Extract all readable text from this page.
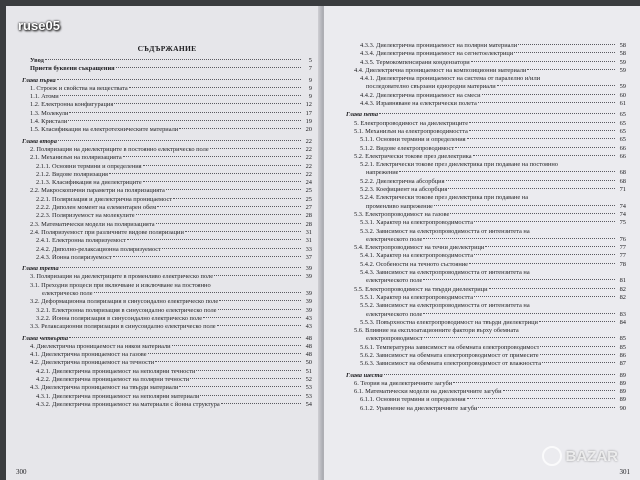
СЪДЪРЖАНИЕ
Увод	5
Приети буквени съкращения	7
Глава първа	9
1. Строеж и свойства на веществата	9
1.1. Атоми	9
1.2. Електронна конфигурация	12
1.3. Молекули	17
1.4. Кристали	19
1.5. Класификация на електротехническите материали	20
Глава втора	22
2. Поляризация на диелектриците в постоянно електрическо поле	22
2.1. Механизъм на поляризацията	22
2.1.1. Основни термини и определения	22
2.1.2. Видове поляризация	22
2.1.3. Класификация на диелектриците	24
2.2. Макроскопични параметри на поляризацията	25
2.2.1. Поляризация и диелектрична проницаемост	25
2.2.2. Диполен момент на елементарен обем	27
2.2.3. Поляризуемост на молекулите	28
2.3. Математически модели на поляризацията	28
2.4. Поляризуемост при различните видове поляризации	31
2.4.1. Електронна поляризуемост	31
2.4.2. Диполно-релаксационна поляризуемост	33
2.4.3. Йонна поляризуемост	37
Глава трета	39
3. Поляризация на диелектриците в променливо електрическо поле	39
3.1. Преходни процеси при включване и изключване на постоянно
електрическо поле	39
3.2. Деформационна поляризация в синусоидално електрическо поле	39
3.2.1. Електронна поляризация в синусоидално електрическо поле	39
3.2.2. Йонна поляризация в синусоидално електрическо поле	43
3.3. Релаксационни поляризации в синусоидално електрическо поле	43
Глава четвърта	48
4. Диелектрична проницаемост на някои материали	48
4.1. Диелектрична проницаемост на газове	48
4.2. Диелектрична проницаемост на течности	50
4.2.1. Диелектрична проницаемост на неполярни течности	51
4.2.2. Диелектрична проницаемост на полярни течности	52
4.3. Диелектрична проницаемост на твърди материали	53
4.3.1. Диелектрична проницаемост на неполярни материали	53
4.3.2. Диелектрична проницаемост на материали с йонна структура	54
300
4.3.3. Диелектрична проницаемост на полярни материали	58
4.3.4. Диелектрична проницаемост на сегнетоелектрици	58
4.3.5. Термокомпенсирани кондензатори	59
4.4. Диелектрична проницаемост на композиционни материали	59
4.4.1. Диелектрична проницаемост на система от паралелно и/или
последователно свързани еднородни материали	59
4.4.2. Диелектрична проницаемост на смеси	60
4.4.3. Изравняване на електрически полета	61
Глава пета	65
5. Електропроводимост на диелектриците	65
5.1. Механизъм на електропроводимостта	65
5.1.1. Основни термини и определения	65
5.1.2. Видове електропроводимост	66
5.2. Електрически токове през диелектрика	66
5.2.1. Електрически токове през диелектрика при подаване на постоянно
напрежение	68
5.2.2. Диелектрична абсорбция	68
5.2.3. Коефициент на абсорбция	71
5.2.4. Електрически токове през диелектрика при подаване на
променливо напрежение	74
5.3. Електропроводимост на газове	74
5.3.1. Характер на електропроводимостта	75
5.3.2. Зависимост на електропроводимостта от интензитета на
електрическото поле	76
5.4. Електропроводимост на течни диелектрици	77
5.4.1. Характер на електропроводимостта	77
5.4.2. Особености на течното състояние	78
5.4.3. Зависимост на електропроводимостта от интензитета на
електрическото поле	81
5.5. Електропроводимост на твърди диелектрици	82
5.5.1. Характер на електропроводимостта	82
5.5.2. Зависимост на електропроводимостта от интензитета на
електрическото поле	83
5.5.3. Повърхностна електропроводимост на твърди диелектрици	84
5.6. Влияние на експлоатационните фактори върху обемната
електропроводимост	85
5.6.1. Температурна зависимост на обемната електропроводимост	85
5.6.2. Зависимост на обемната електропроводимост от примесите	86
5.6.3. Зависимост на обемната електропроводимост от влажността	87
Глава шеста	89
6. Теория на диелектричните загуби	89
6.1. Математически модели на диелектричните загуби	89
6.1.1. Основни термини и определения	89
6.1.2. Уравнение на диелектричните загуби	90
301
ruse05
BAZAR
